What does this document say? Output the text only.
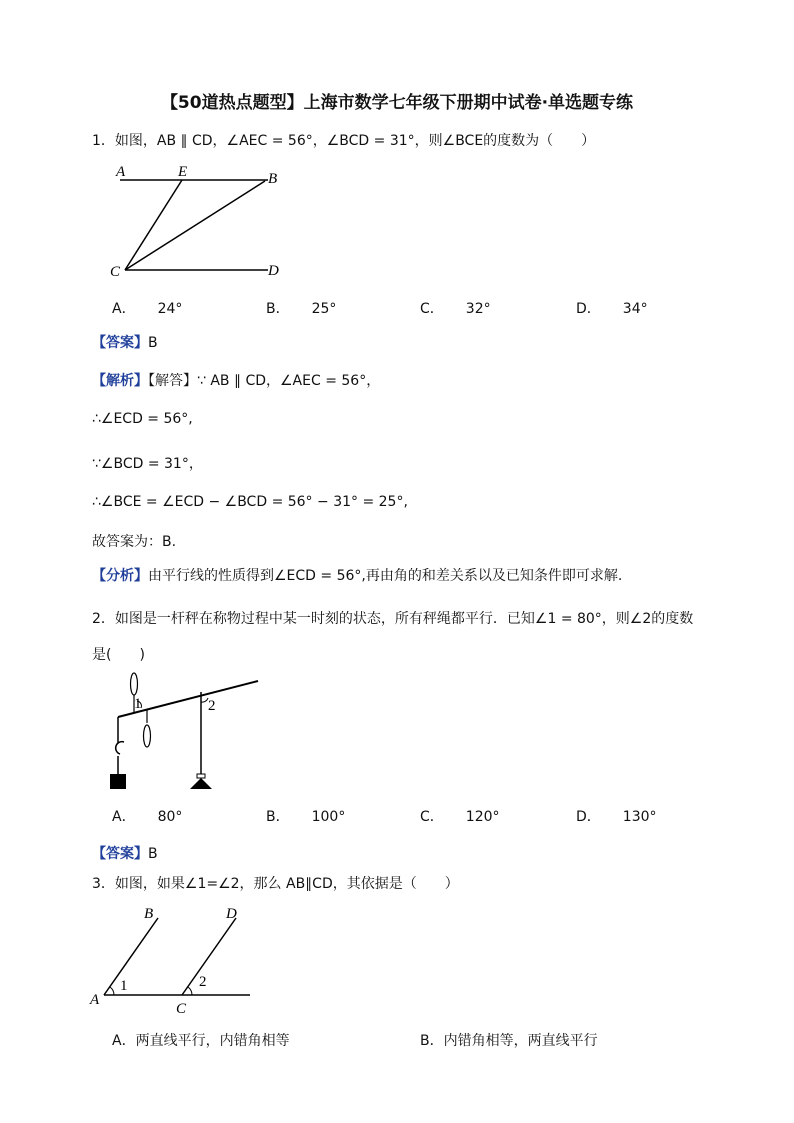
【50道热点题型】上海市数学七年级下册期中试卷·单选题专练
1．如图，AB ∥ CD，∠AEC = 56°，∠BCD = 31°，则∠BCE的度数为（　　）
A	E	B
C	D
A． 24°	B． 25°	C． 32°	D． 34°
【答案】B
【解析】【解答】∵ AB ∥ CD，∠AEC = 56°，
∴∠ECD = 56°,
∵∠BCD = 31°，
∴∠BCE = ∠ECD − ∠BCD = 56° − 31° = 25°,
故答案为：B.
【分析】由平行线的性质得到∠ECD = 56°,再由角的和差关系以及已知条件即可求解.
2．如图是一杆秤在称物过程中某一时刻的状态，所有秤绳都平行．已知∠1 = 80°，则∠2的度数
是(　　)
1	2
A． 80°	B． 100°	C． 120°	D． 130°
【答案】B
3．如图，如果∠1=∠2，那么 AB∥CD，其依据是（　　）
A
B
C
D
1	2
A．两直线平行，内错角相等	B．内错角相等，两直线平行
